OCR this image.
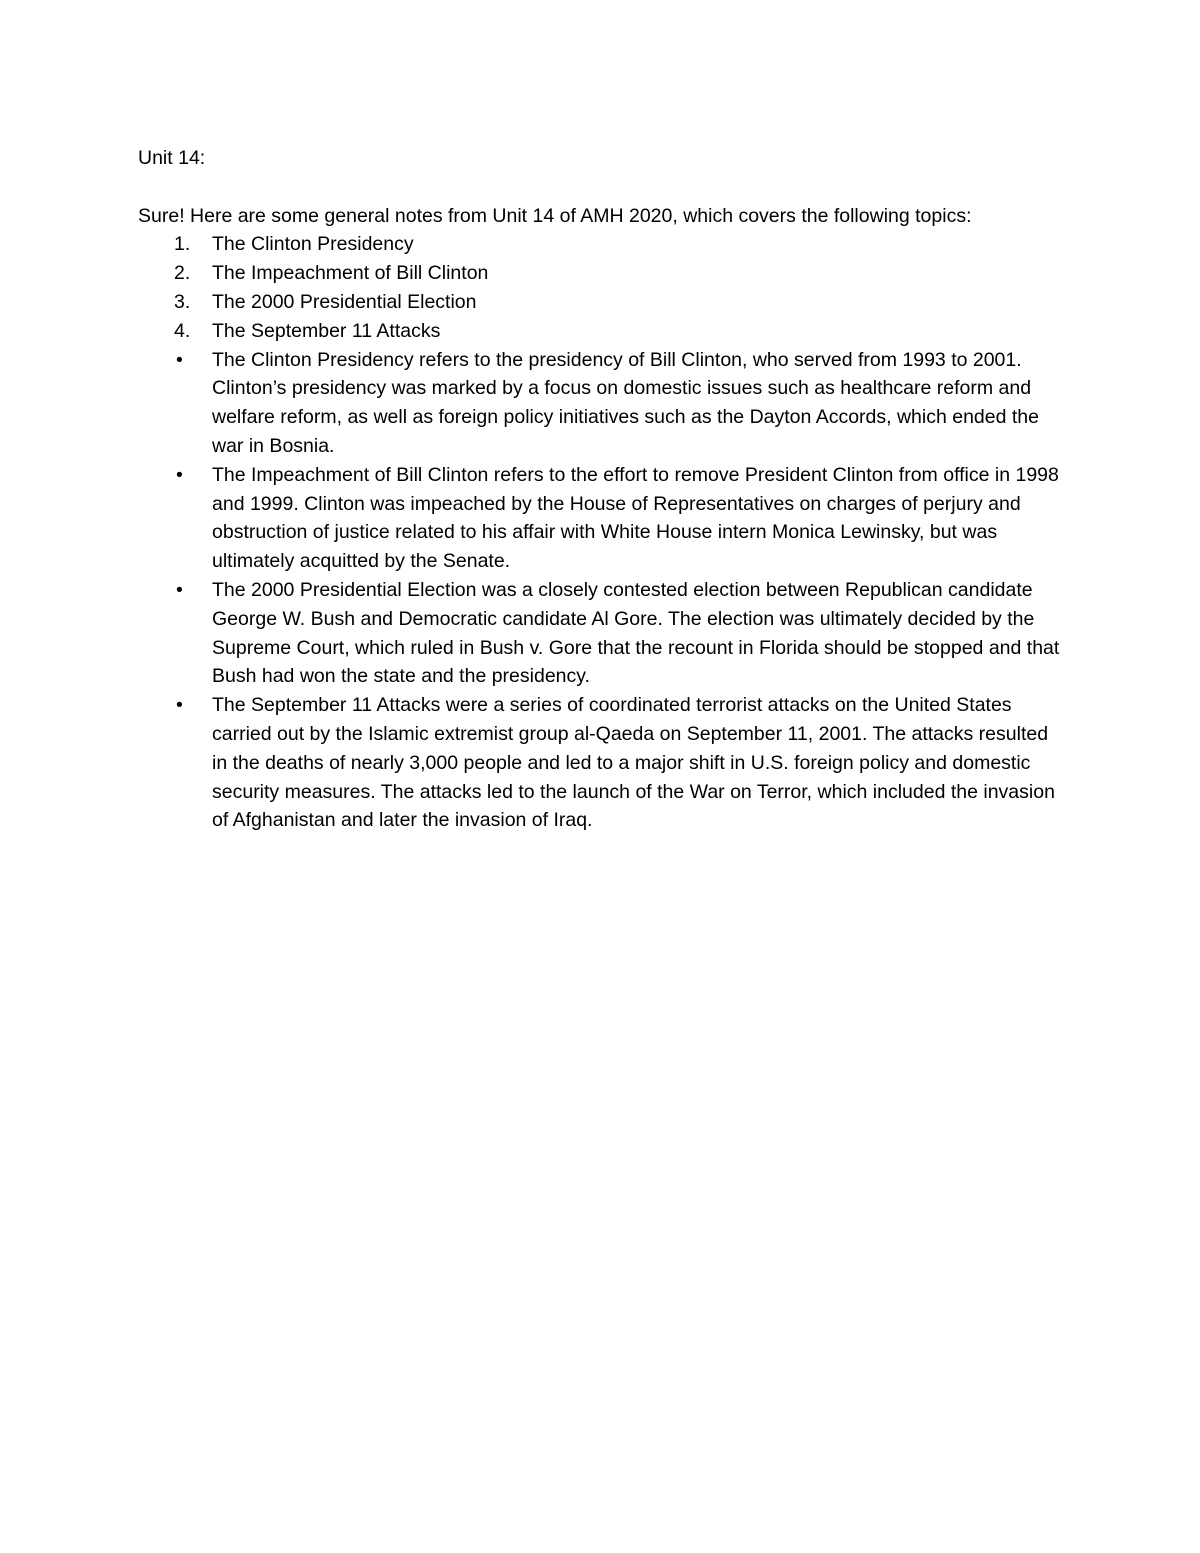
Unit 14:

Sure! Here are some general notes from Unit 14 of AMH 2020, which covers the following topics:

1.	The Clinton Presidency
2.	The Impeachment of Bill Clinton
3.	The 2000 Presidential Election
4.	The September 11 Attacks
•	The Clinton Presidency refers to the presidency of Bill Clinton, who served from 1993 to 2001. Clinton’s presidency was marked by a focus on domestic issues such as healthcare reform and welfare reform, as well as foreign policy initiatives such as the Dayton Accords, which ended the war in Bosnia.
•	The Impeachment of Bill Clinton refers to the effort to remove President Clinton from office in 1998 and 1999. Clinton was impeached by the House of Representatives on charges of perjury and obstruction of justice related to his affair with White House intern Monica Lewinsky, but was ultimately acquitted by the Senate.
•	The 2000 Presidential Election was a closely contested election between Republican candidate George W. Bush and Democratic candidate Al Gore. The election was ultimately decided by the Supreme Court, which ruled in Bush v. Gore that the recount in Florida should be stopped and that Bush had won the state and the presidency.
•	The September 11 Attacks were a series of coordinated terrorist attacks on the United States carried out by the Islamic extremist group al-Qaeda on September 11, 2001. The attacks resulted in the deaths of nearly 3,000 people and led to a major shift in U.S. foreign policy and domestic security measures. The attacks led to the launch of the War on Terror, which included the invasion of Afghanistan and later the invasion of Iraq.
